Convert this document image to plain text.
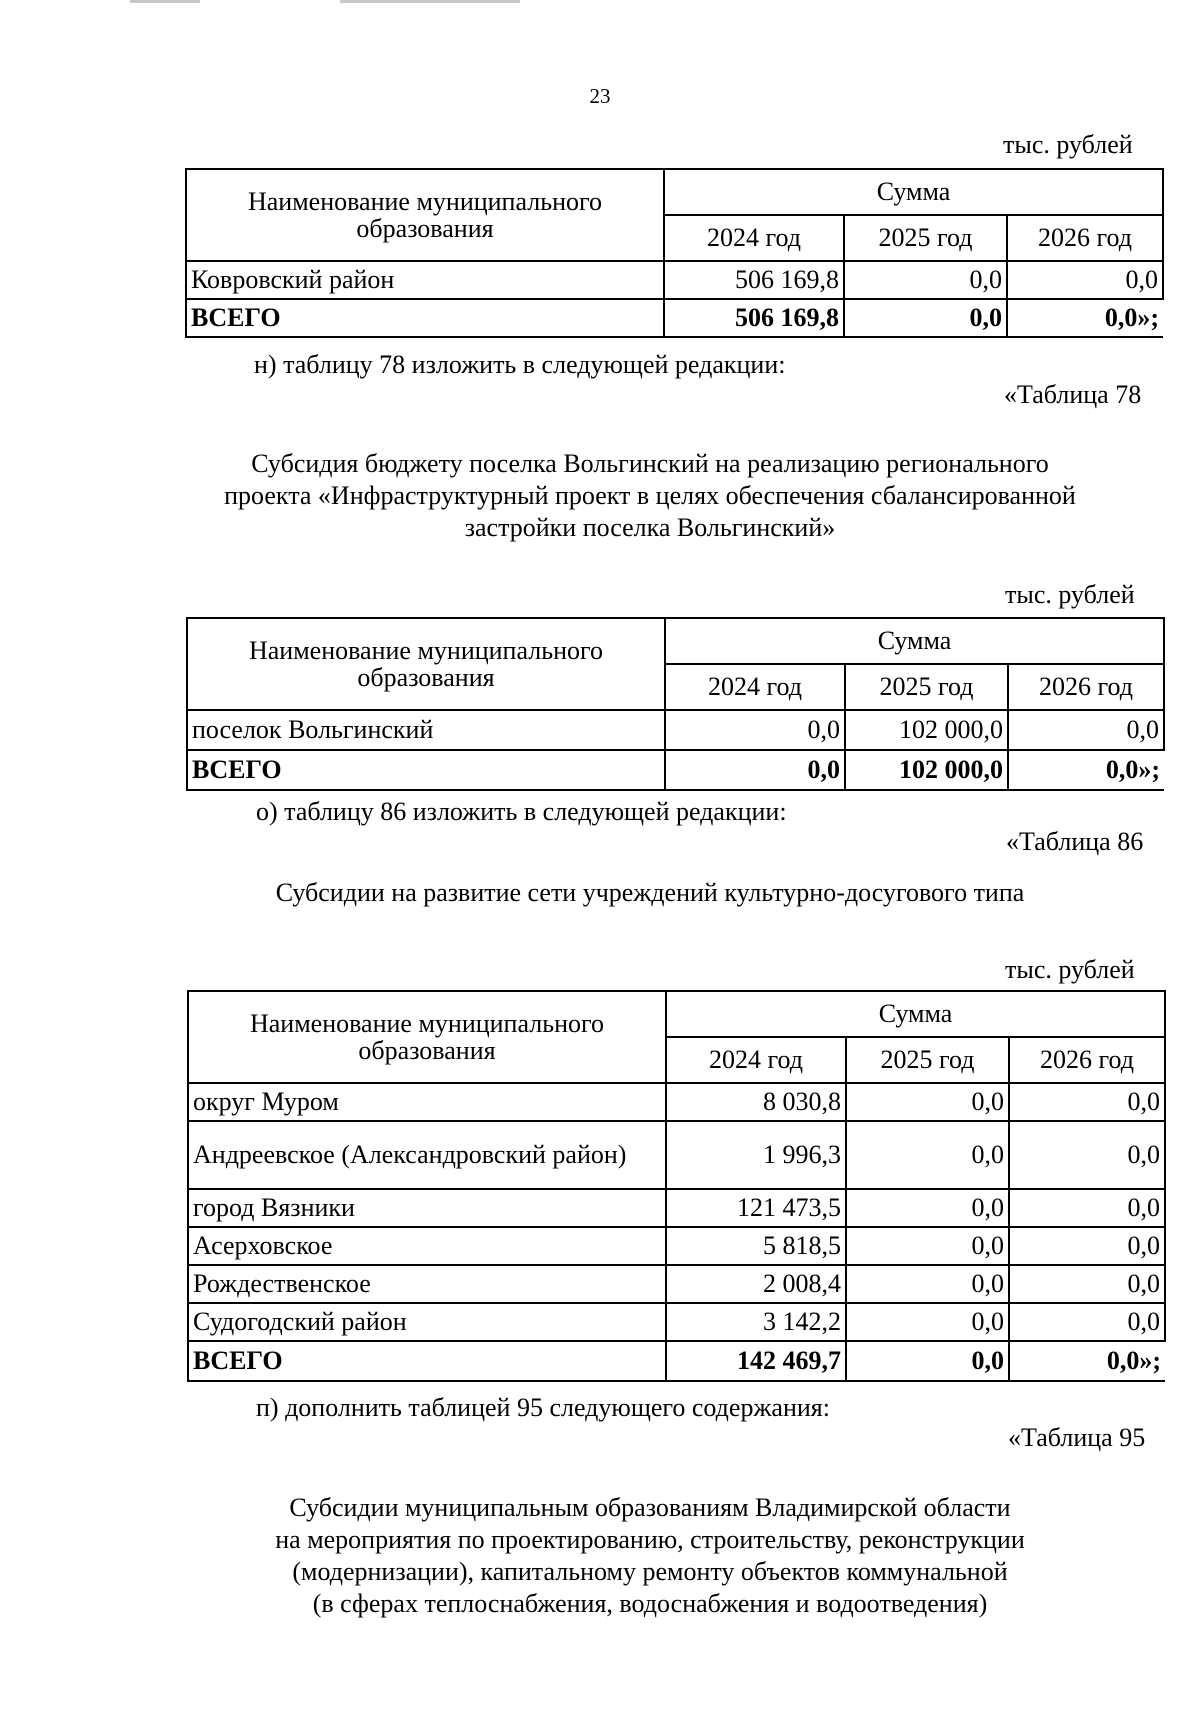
23
тыс. рублей
Наименование муниципального образования	Сумма		
	2024 год	2025 год	2026 год
Ковровский район	506 169,8	0,0	0,0
ВСЕГО	506 169,8	0,0	0,0»;
н) таблицу 78 изложить в следующей редакции:
«Таблица 78
Субсидия бюджету поселка Вольгинский на реализацию регионального
проекта «Инфраструктурный проект в целях обеспечения сбалансированной
застройки поселка Вольгинский»
тыс. рублей
Наименование муниципального образования	Сумма		
	2024 год	2025 год	2026 год
поселок Вольгинский	0,0	102 000,0	0,0
ВСЕГО	0,0	102 000,0	0,0»;
о) таблицу 86 изложить в следующей редакции:
«Таблица 86
Субсидии на развитие сети учреждений культурно-досугового типа
тыс. рублей
Наименование муниципального образования	Сумма		
	2024 год	2025 год	2026 год
округ Муром	8 030,8	0,0	0,0
Андреевское (Александровский район)	1 996,3	0,0	0,0
город Вязники	121 473,5	0,0	0,0
Асерховское	5 818,5	0,0	0,0
Рождественское	2 008,4	0,0	0,0
Судогодский район	3 142,2	0,0	0,0
ВСЕГО	142 469,7	0,0	0,0»;
п) дополнить таблицей 95 следующего содержания:
«Таблица 95
Субсидии муниципальным образованиям Владимирской области
на мероприятия по проектированию, строительству, реконструкции
(модернизации), капитальному ремонту объектов коммунальной
(в сферах теплоснабжения, водоснабжения и водоотведения)
